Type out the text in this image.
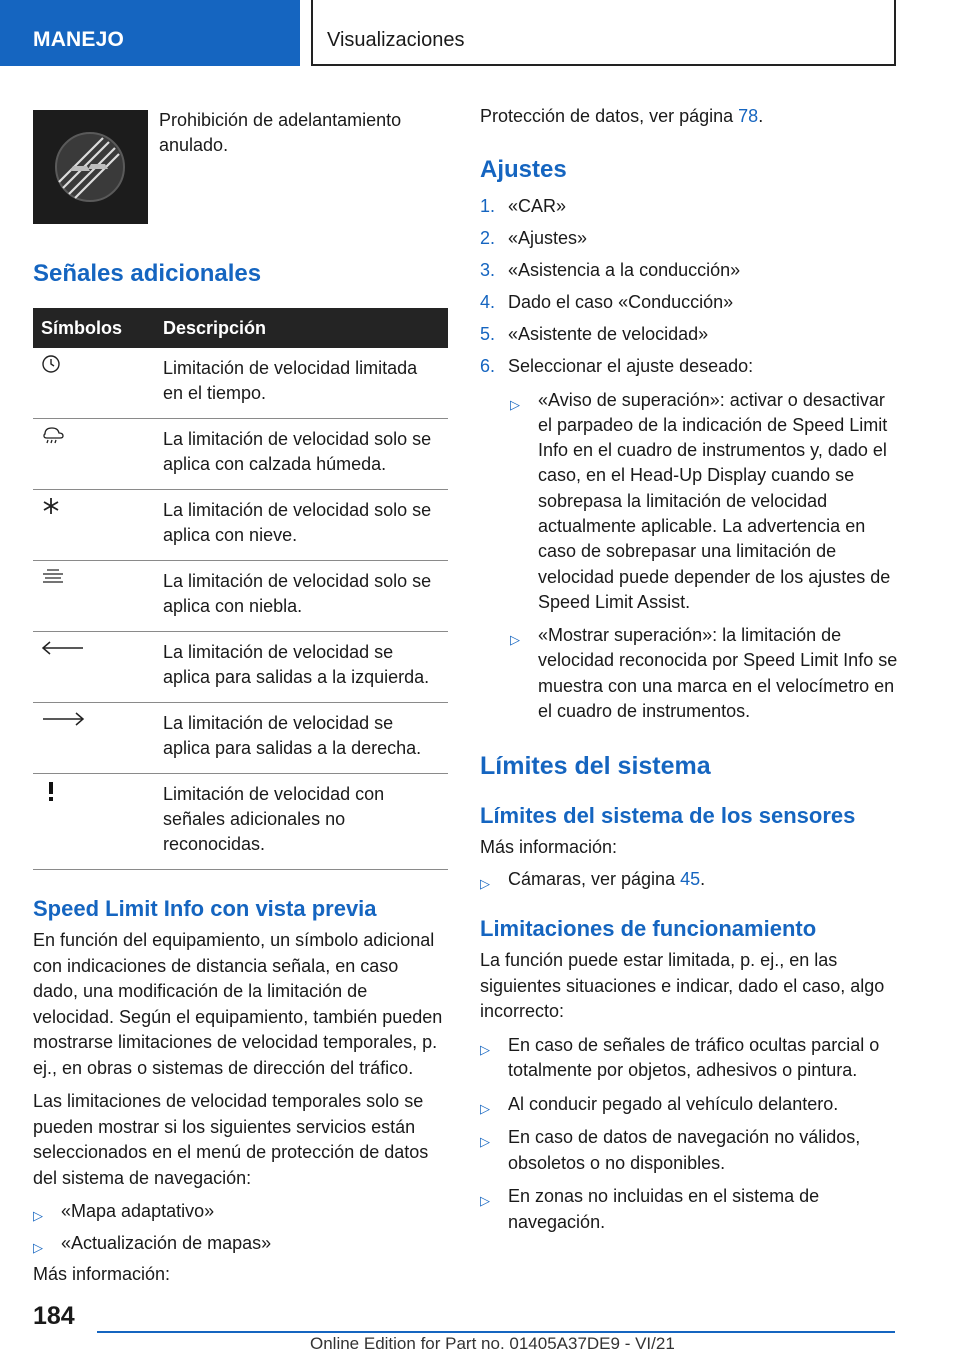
MANEJO	Visualizaciones
Prohibición de adelantamiento anulado.
Señales adicionales
Símbolos	Descripción

	Limitación de velocidad limitada en el tiempo.

	La limitación de velocidad solo se aplica con calzada húmeda.

	La limitación de velocidad solo se aplica con nieve.

	La limitación de velocidad solo se aplica con niebla.

	La limitación de velocidad se aplica para salidas a la izquierda.

	La limitación de velocidad se aplica para salidas a la derecha.

	Limitación de velocidad con señales adicionales no reconocidas.
Speed Limit Info con vista previa
En función del equipamiento, un símbolo adicional con indicaciones de distancia señala, en caso dado, una modificación de la limitación de velocidad. Según el equipamiento, también pueden mostrarse limitaciones de velocidad temporales, p. ej., en obras o sistemas de dirección del tráfico.
Las limitaciones de velocidad temporales solo se pueden mostrar si los siguientes servicios están seleccionados en el menú de protección de datos del sistema de navegación:
▷ «Mapa adaptativo»
▷ «Actualización de mapas»
Más información:
Protección de datos, ver página 78.
Ajustes
1. «CAR»
2. «Ajustes»
3. «Asistencia a la conducción»
4. Dado el caso «Conducción»
5. «Asistente de velocidad»
6. Seleccionar el ajuste deseado:
▷ «Aviso de superación»: activar o desactivar el parpadeo de la indicación de Speed Limit Info en el cuadro de instrumentos y, dado el caso, en el Head-Up Display cuando se sobrepasa la limitación de velocidad actualmente aplicable. La advertencia en caso de sobrepasar una limitación de velocidad puede depender de los ajustes de Speed Limit Assist.
▷ «Mostrar superación»: la limitación de velocidad reconocida por Speed Limit Info se muestra con una marca en el velocímetro en el cuadro de instrumentos.
Límites del sistema
Límites del sistema de los sensores
Más información:
▷ Cámaras, ver página 45.
Limitaciones de funcionamiento
La función puede estar limitada, p. ej., en las siguientes situaciones e indicar, dado el caso, algo incorrecto:
▷ En caso de señales de tráfico ocultas parcial o totalmente por objetos, adhesivos o pintura.
▷ Al conducir pegado al vehículo delantero.
▷ En caso de datos de navegación no válidos, obsoletos o no disponibles.
▷ En zonas no incluidas en el sistema de navegación.
184
Online Edition for Part no. 01405A37DE9 - VI/21
